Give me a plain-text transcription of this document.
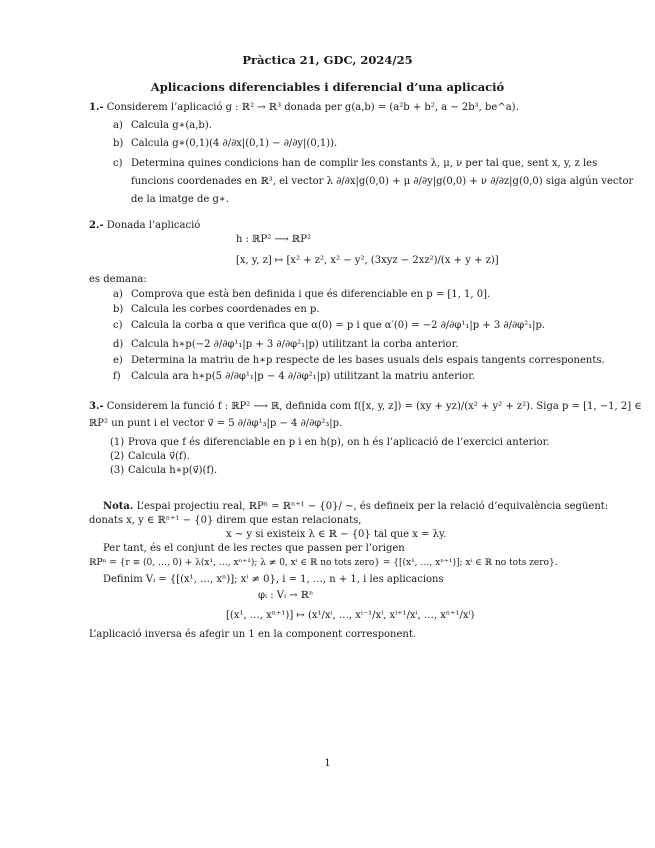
Pràctica 21, GDC, 2024/25
Aplicacions diferenciables i diferencial d’una aplicació
1.- Considerem l’aplicació g : ℝ² → ℝ³ donada per g(a,b) = (a²b + b², a − 2b³, be^a).
a) Calcula g∗(a,b).
b) Calcula g∗(0,1)(4 ∂/∂x|(0,1) − ∂/∂y|(0,1)).
c) Determina quines condicions han de complir les constants λ, μ, ν per tal que, sent x, y, z les
funcions coordenades en ℝ³, el vector λ ∂/∂x|g(0,0) + μ ∂/∂y|g(0,0) + ν ∂/∂z|g(0,0) siga algún vector
de la imatge de g∗.
2.- Donada l’aplicació
h : ℝP² ⟶ ℝP²
[x, y, z] ↦ [x² + z², x² − y², (3xyz − 2xz²)/(x + y + z)]
es demana:
a) Comprova que està ben definida i que és diferenciable en p = [1, 1, 0].
b) Calcula les corbes coordenades en p.
c) Calcula la corba α que verifica que α(0) = p i que α′(0) = −2 ∂/∂φ¹₁|p + 3 ∂/∂φ²₁|p.
d) Calcula h∗p(−2 ∂/∂φ¹₁|p + 3 ∂/∂φ²₁|p) utilitzant la corba anterior.
e) Determina la matriu de h∗p respecte de les bases usuals dels espais tangents corresponents.
f) Calcula ara h∗p(5 ∂/∂φ¹₁|p − 4 ∂/∂φ²₁|p) utilitzant la matriu anterior.
3.- Considerem la funció f : ℝP² ⟶ ℝ, definida com f([x, y, z]) = (xy + yz)/(x² + y² + z²). Siga p = [1, −1, 2] ∈
ℝP² un punt i el vector v⃗ = 5 ∂/∂φ¹₃|p − 4 ∂/∂φ²₃|p.
(1) Prova que f és diferenciable en p i en h(p), on h és l’aplicació de l’exercici anterior.
(2) Calcula v⃗(f).
(3) Calcula h∗p(v⃗)(f).
Nota. L’espai projectiu real, ℝPⁿ = ℝⁿ⁺¹ − {0}/ ∼, és defineix per la relació d’equivalència següent:
donats x, y ∈ ℝⁿ⁺¹ − {0} direm que estan relacionats,
x ∼ y si existeix λ ∈ ℝ − {0} tal que x = λy.
Per tant, és el conjunt de les rectes que passen per l’origen
ℝPⁿ = {r ≡ (0, …, 0) + λ(x¹, …, xⁿ⁺¹); λ ≠ 0, xⁱ ∈ ℝ no tots zero} = {[(x¹, …, xⁿ⁺¹)]; xⁱ ∈ ℝ no tots zero}.
Definim Vᵢ = {[(x¹, …, xⁿ)]; xⁱ ≠ 0}, i = 1, …, n + 1, i les aplicacions
φᵢ : Vᵢ → ℝⁿ
[(x¹, …, xⁿ⁺¹)] ↦ (x¹/xⁱ, …, xⁱ⁻¹/xⁱ, xⁱ⁺¹/xⁱ, …, xⁿ⁺¹/xⁱ)
L’aplicació inversa és afegir un 1 en la component corresponent.
1
